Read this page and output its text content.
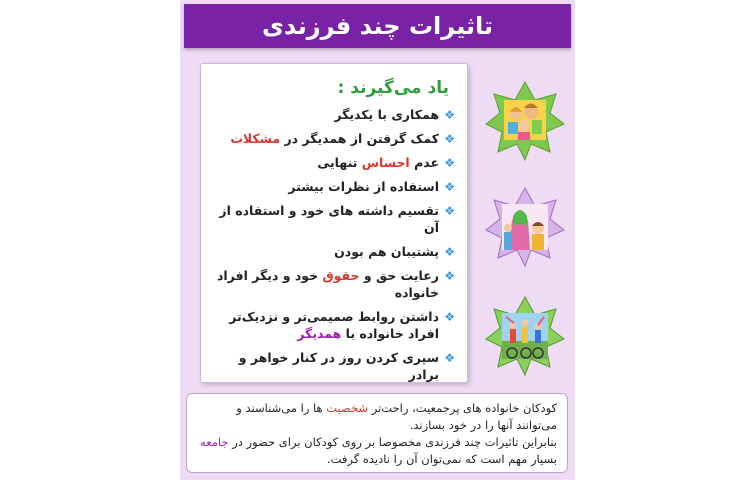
تاثیرات چند فرزندی
یاد می‌گیرند :
❖
همکاری با یکدیگر
❖
کمک گرفتن از همدیگر در مشکلات
❖
عدم احساس تنهایی
❖
استفاده از نظرات بیشتر
❖
تقسیم داشته های خود و استفاده از آن
❖
پشتیبان هم بودن
❖
رعایت حق و حقوق خود و دیگر افراد خانواده
❖
داشتن روابط صمیمی‌تر و نزدیک‌تر افراد خانواده با همدیگر
❖
سپری کردن روز در کنار خواهر و برادر
کودکان خانواده های پرجمعیت، راحت‌تر شخصیت ها را می‌شناسند و می‌توانند آنها را در خود بسازند.
بنابراین تاثیرات چند فرزندی مخصوصا بر روی کودکان برای حضور در جامعه بسیار مهم است که نمی‌توان آن را نادیده گرفت.
